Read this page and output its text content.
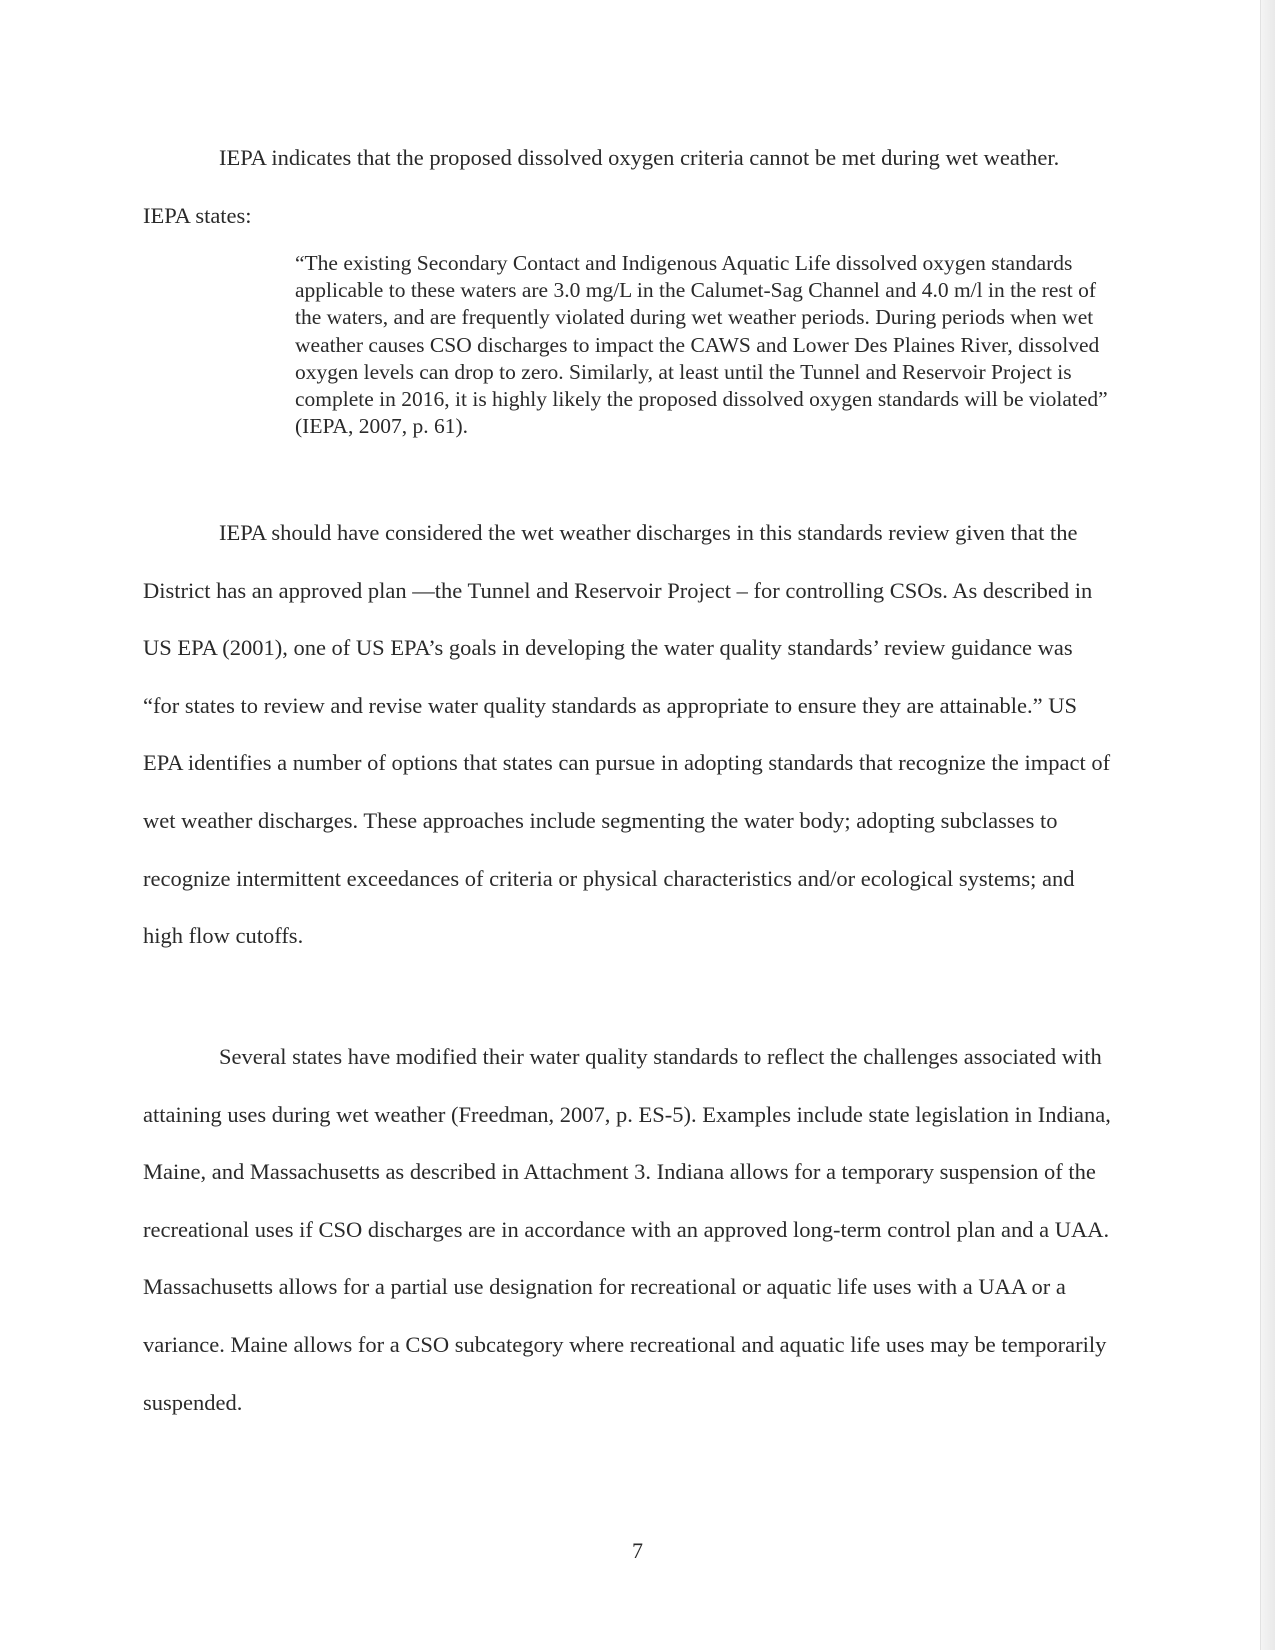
IEPA indicates that the proposed dissolved oxygen criteria cannot be met during wet weather. IEPA states:

“The existing Secondary Contact and Indigenous Aquatic Life dissolved oxygen standards applicable to these waters are 3.0 mg/L in the Calumet-Sag Channel and 4.0 m/l in the rest of the waters, and are frequently violated during wet weather periods. During periods when wet weather causes CSO discharges to impact the CAWS and Lower Des Plaines River, dissolved oxygen levels can drop to zero. Similarly, at least until the Tunnel and Reservoir Project is complete in 2016, it is highly likely the proposed dissolved oxygen standards will be violated” (IEPA, 2007, p. 61).

IEPA should have considered the wet weather discharges in this standards review given that the District has an approved plan —the Tunnel and Reservoir Project – for controlling CSOs. As described in US EPA (2001), one of US EPA’s goals in developing the water quality standards’ review guidance was “for states to review and revise water quality standards as appropriate to ensure they are attainable.” US EPA identifies a number of options that states can pursue in adopting standards that recognize the impact of wet weather discharges. These approaches include segmenting the water body; adopting subclasses to recognize intermittent exceedances of criteria or physical characteristics and/or ecological systems; and high flow cutoffs.

Several states have modified their water quality standards to reflect the challenges associated with attaining uses during wet weather (Freedman, 2007, p. ES-5). Examples include state legislation in Indiana, Maine, and Massachusetts as described in Attachment 3. Indiana allows for a temporary suspension of the recreational uses if CSO discharges are in accordance with an approved long-term control plan and a UAA. Massachusetts allows for a partial use designation for recreational or aquatic life uses with a UAA or a variance. Maine allows for a CSO subcategory where recreational and aquatic life uses may be temporarily suspended.

7
